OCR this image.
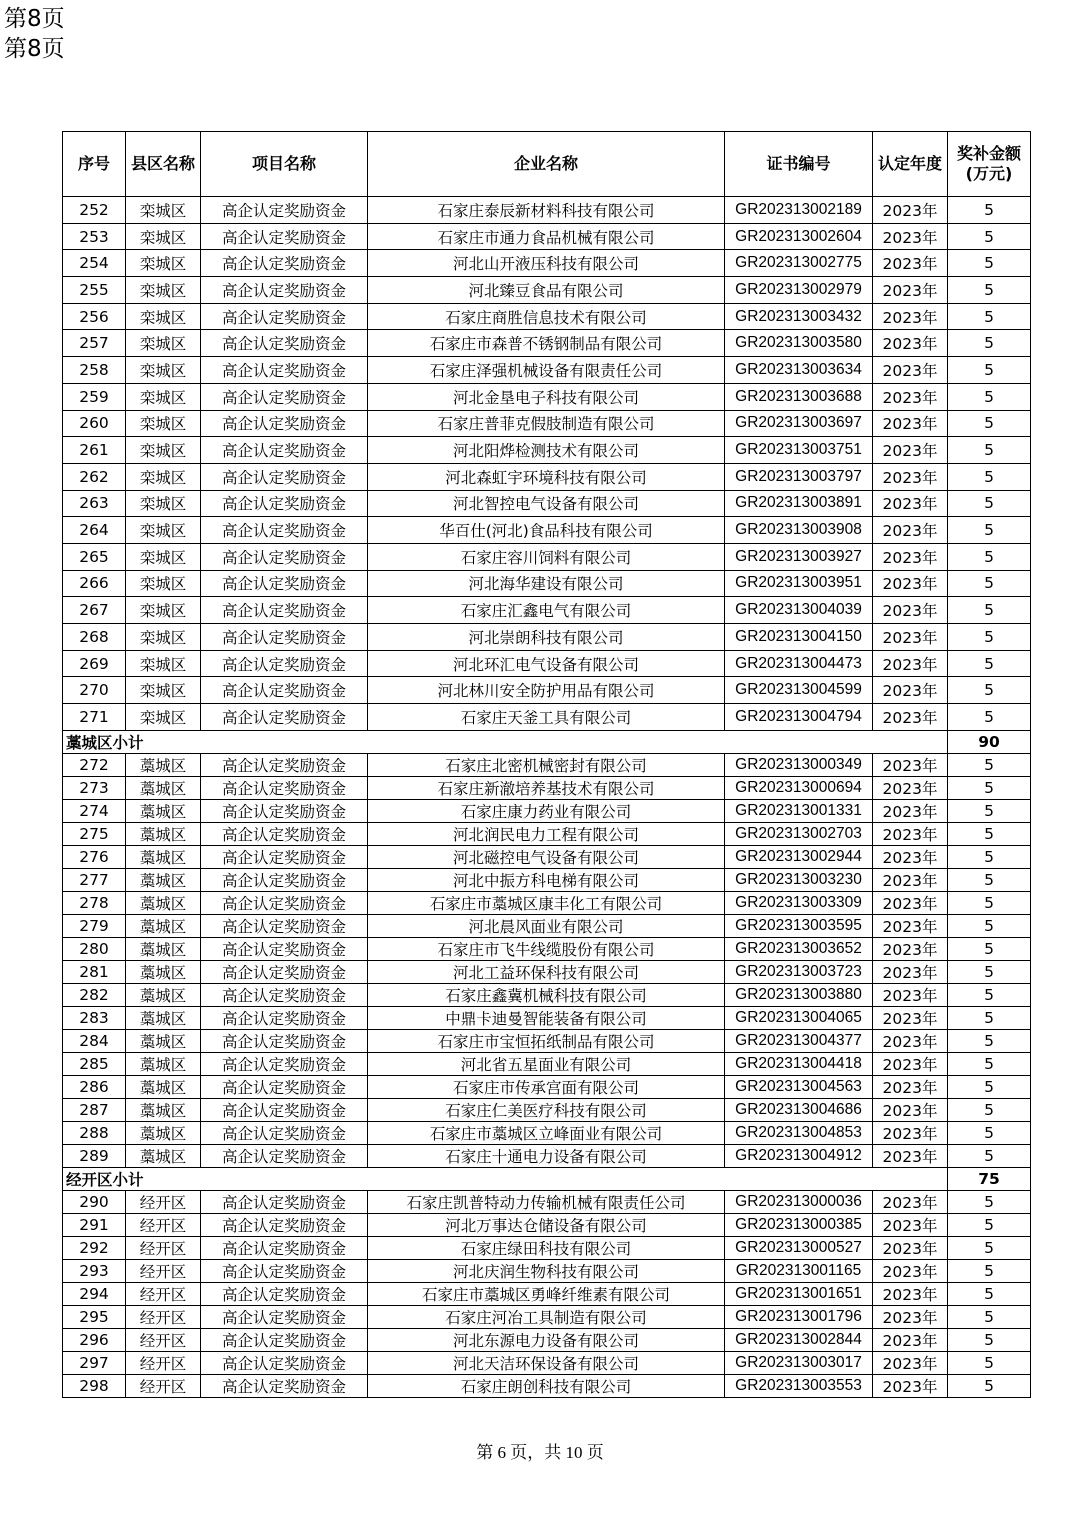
第8页
第8页
序号	县区名称	项目名称	企业名称	证书编号	认定年度	奖补金额
(万元)
252	栾城区	高企认定奖励资金	石家庄泰辰新材料科技有限公司	GR202313002189	2023年	5
253	栾城区	高企认定奖励资金	石家庄市通力食品机械有限公司	GR202313002604	2023年	5
254	栾城区	高企认定奖励资金	河北山开液压科技有限公司	GR202313002775	2023年	5
255	栾城区	高企认定奖励资金	河北臻豆食品有限公司	GR202313002979	2023年	5
256	栾城区	高企认定奖励资金	石家庄商胜信息技术有限公司	GR202313003432	2023年	5
257	栾城区	高企认定奖励资金	石家庄市森普不锈钢制品有限公司	GR202313003580	2023年	5
258	栾城区	高企认定奖励资金	石家庄泽强机械设备有限责任公司	GR202313003634	2023年	5
259	栾城区	高企认定奖励资金	河北金垦电子科技有限公司	GR202313003688	2023年	5
260	栾城区	高企认定奖励资金	石家庄普菲克假肢制造有限公司	GR202313003697	2023年	5
261	栾城区	高企认定奖励资金	河北阳烨检测技术有限公司	GR202313003751	2023年	5
262	栾城区	高企认定奖励资金	河北森虹宇环境科技有限公司	GR202313003797	2023年	5
263	栾城区	高企认定奖励资金	河北智控电气设备有限公司	GR202313003891	2023年	5
264	栾城区	高企认定奖励资金	华百仕(河北)食品科技有限公司	GR202313003908	2023年	5
265	栾城区	高企认定奖励资金	石家庄容川饲料有限公司	GR202313003927	2023年	5
266	栾城区	高企认定奖励资金	河北海华建设有限公司	GR202313003951	2023年	5
267	栾城区	高企认定奖励资金	石家庄汇鑫电气有限公司	GR202313004039	2023年	5
268	栾城区	高企认定奖励资金	河北崇朗科技有限公司	GR202313004150	2023年	5
269	栾城区	高企认定奖励资金	河北环汇电气设备有限公司	GR202313004473	2023年	5
270	栾城区	高企认定奖励资金	河北林川安全防护用品有限公司	GR202313004599	2023年	5
271	栾城区	高企认定奖励资金	石家庄天釜工具有限公司	GR202313004794	2023年	5
藁城区小计						90
272	藁城区	高企认定奖励资金	石家庄北密机械密封有限公司	GR202313000349	2023年	5
273	藁城区	高企认定奖励资金	石家庄新澈培养基技术有限公司	GR202313000694	2023年	5
274	藁城区	高企认定奖励资金	石家庄康力药业有限公司	GR202313001331	2023年	5
275	藁城区	高企认定奖励资金	河北润民电力工程有限公司	GR202313002703	2023年	5
276	藁城区	高企认定奖励资金	河北磁控电气设备有限公司	GR202313002944	2023年	5
277	藁城区	高企认定奖励资金	河北中振方科电梯有限公司	GR202313003230	2023年	5
278	藁城区	高企认定奖励资金	石家庄市藁城区康丰化工有限公司	GR202313003309	2023年	5
279	藁城区	高企认定奖励资金	河北晨风面业有限公司	GR202313003595	2023年	5
280	藁城区	高企认定奖励资金	石家庄市飞牛线缆股份有限公司	GR202313003652	2023年	5
281	藁城区	高企认定奖励资金	河北工益环保科技有限公司	GR202313003723	2023年	5
282	藁城区	高企认定奖励资金	石家庄鑫冀机械科技有限公司	GR202313003880	2023年	5
283	藁城区	高企认定奖励资金	中鼎卡迪曼智能装备有限公司	GR202313004065	2023年	5
284	藁城区	高企认定奖励资金	石家庄市宝恒拓纸制品有限公司	GR202313004377	2023年	5
285	藁城区	高企认定奖励资金	河北省五星面业有限公司	GR202313004418	2023年	5
286	藁城区	高企认定奖励资金	石家庄市传承宫面有限公司	GR202313004563	2023年	5
287	藁城区	高企认定奖励资金	石家庄仁美医疗科技有限公司	GR202313004686	2023年	5
288	藁城区	高企认定奖励资金	石家庄市藁城区立峰面业有限公司	GR202313004853	2023年	5
289	藁城区	高企认定奖励资金	石家庄十通电力设备有限公司	GR202313004912	2023年	5
经开区小计						75
290	经开区	高企认定奖励资金	石家庄凯普特动力传输机械有限责任公司	GR202313000036	2023年	5
291	经开区	高企认定奖励资金	河北万事达仓储设备有限公司	GR202313000385	2023年	5
292	经开区	高企认定奖励资金	石家庄绿田科技有限公司	GR202313000527	2023年	5
293	经开区	高企认定奖励资金	河北庆润生物科技有限公司	GR202313001165	2023年	5
294	经开区	高企认定奖励资金	石家庄市藁城区勇峰纤维素有限公司	GR202313001651	2023年	5
295	经开区	高企认定奖励资金	石家庄河冶工具制造有限公司	GR202313001796	2023年	5
296	经开区	高企认定奖励资金	河北东源电力设备有限公司	GR202313002844	2023年	5
297	经开区	高企认定奖励资金	河北天洁环保设备有限公司	GR202313003017	2023年	5
298	经开区	高企认定奖励资金	石家庄朗创科技有限公司	GR202313003553	2023年	5
第 6 页，共 10 页
